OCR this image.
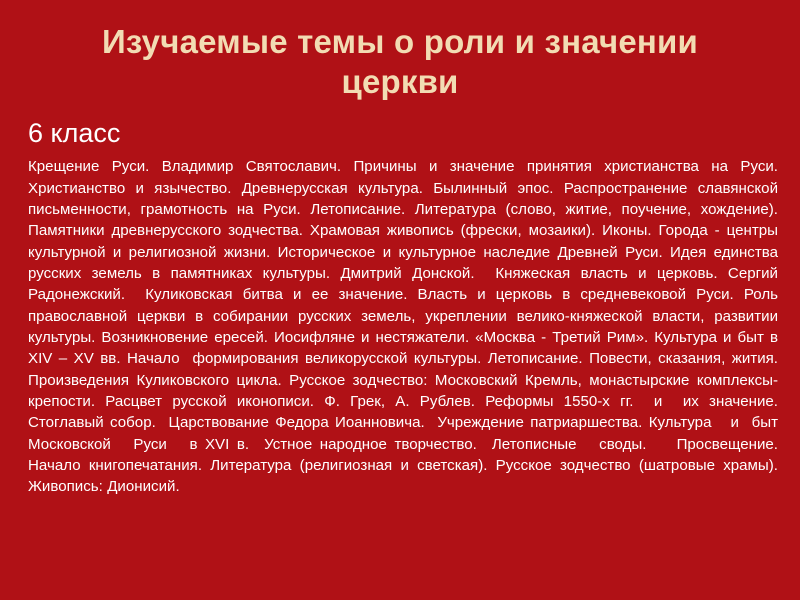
Изучаемые темы о роли и значении церкви
6 класс

Крещение Руси. Владимир Святославич. Причины и значение принятия христианства на Руси. Христианство и язычество. Древнерусская культура. Былинный эпос. Распространение славянской письменности, грамотность на Руси. Летописание. Литература (слово, житие, поучение, хождение).  Памятники древнерусского зодчества. Храмовая живопись (фрески, мозаики). Иконы. Города - центры культурной и религиозной жизни. Историческое и культурное наследие Древней Руси. Идея единства русских земель в памятниках культуры. Дмитрий Донской.  Княжеская власть и церковь. Сергий  Радонежский.  Куликовская битва и ее значение. Власть и церковь в средневековой Руси. Роль православной церкви в собирании русских земель, укреплении велико-княжеской власти, развитии культуры. Возникновение ересей. Иосифляне и нестяжатели. «Москва - Третий Рим». Культура и быт в XIV – XV вв. Начало  формирования великорусской культуры. Летописание. Повести, сказания, жития. Произведения Куликовского цикла. Русское зодчество: Московский Кремль, монастырские комплексы-крепости. Расцвет русской иконописи. Ф. Грек, А. Рублев. Реформы 1550-х гг.  и  их значение.     Стоглавый собор.  Царствование Федора Иоанновича.  Учреждение патриаршества. Культура   и  быт  Московской   Руси   в XVI в.  Устное народное творчество.  Летописные   своды.    Просвещение.    Начало книгопечатания. Литература (религиозная и светская). Русское зодчество (шатровые храмы). Живопись: Дионисий.
